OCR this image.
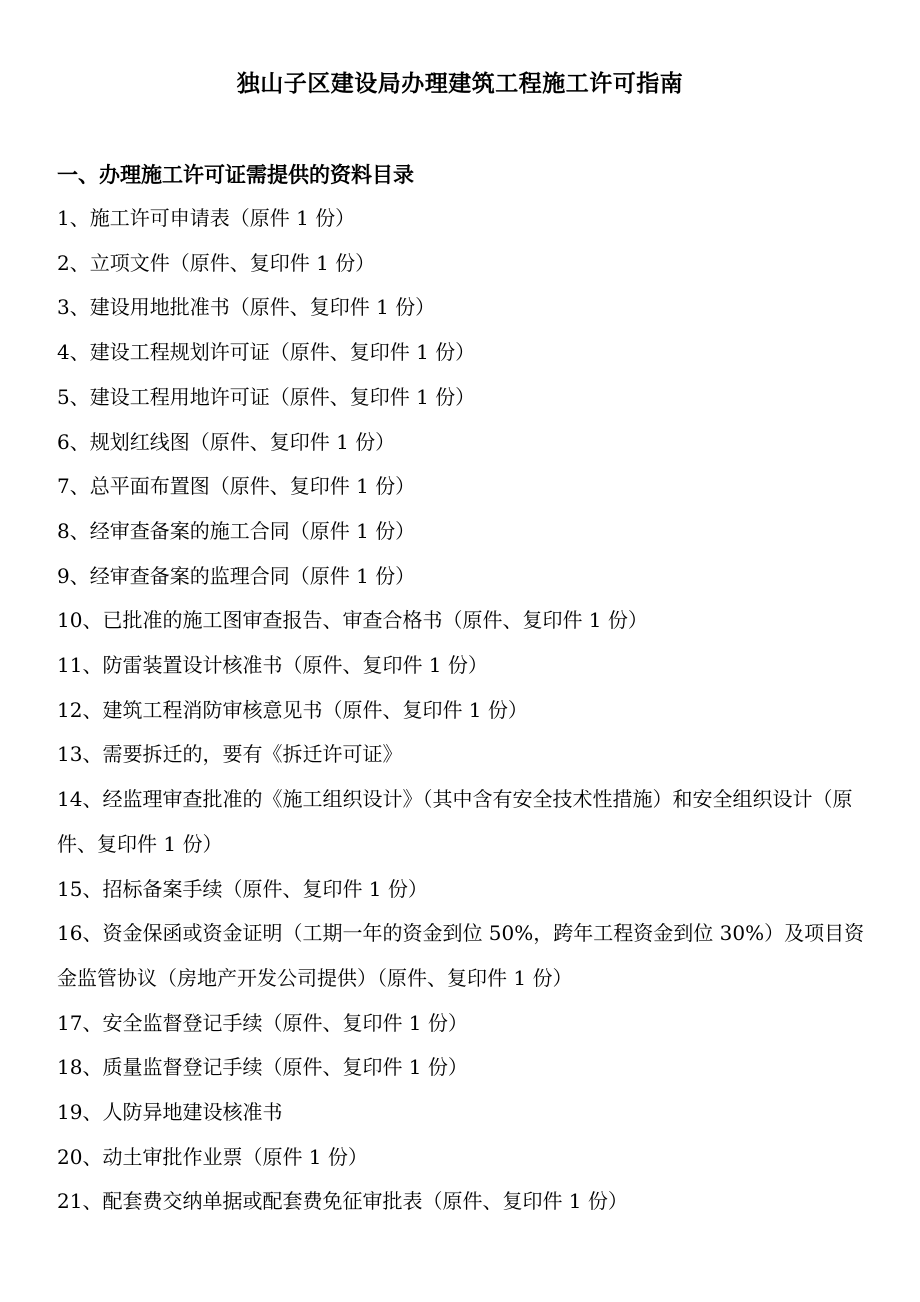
独山子区建设局办理建筑工程施工许可指南
一、办理施工许可证需提供的资料目录
1、施工许可申请表（原件 1 份）
2、立项文件（原件、复印件 1 份）
3、建设用地批准书（原件、复印件 1 份）
4、建设工程规划许可证（原件、复印件 1 份）
5、建设工程用地许可证（原件、复印件 1 份）
6、规划红线图（原件、复印件 1 份）
7、总平面布置图（原件、复印件 1 份）
8、经审查备案的施工合同（原件 1 份）
9、经审查备案的监理合同（原件 1 份）
10、已批准的施工图审查报告、审查合格书（原件、复印件 1 份）
11、防雷装置设计核准书（原件、复印件 1 份）
12、建筑工程消防审核意见书（原件、复印件 1 份）
13、需要拆迁的，要有《拆迁许可证》
14、经监理审查批准的《施工组织设计》（其中含有安全技术性措施）和安全组织设计（原件、复印件 1 份）
15、招标备案手续（原件、复印件 1 份）
16、资金保函或资金证明（工期一年的资金到位 50%，跨年工程资金到位 30%）及项目资金监管协议（房地产开发公司提供）（原件、复印件 1 份）
17、安全监督登记手续（原件、复印件 1 份）
18、质量监督登记手续（原件、复印件 1 份）
19、人防异地建设核准书
20、动土审批作业票（原件 1 份）
21、配套费交纳单据或配套费免征审批表（原件、复印件 1 份）
